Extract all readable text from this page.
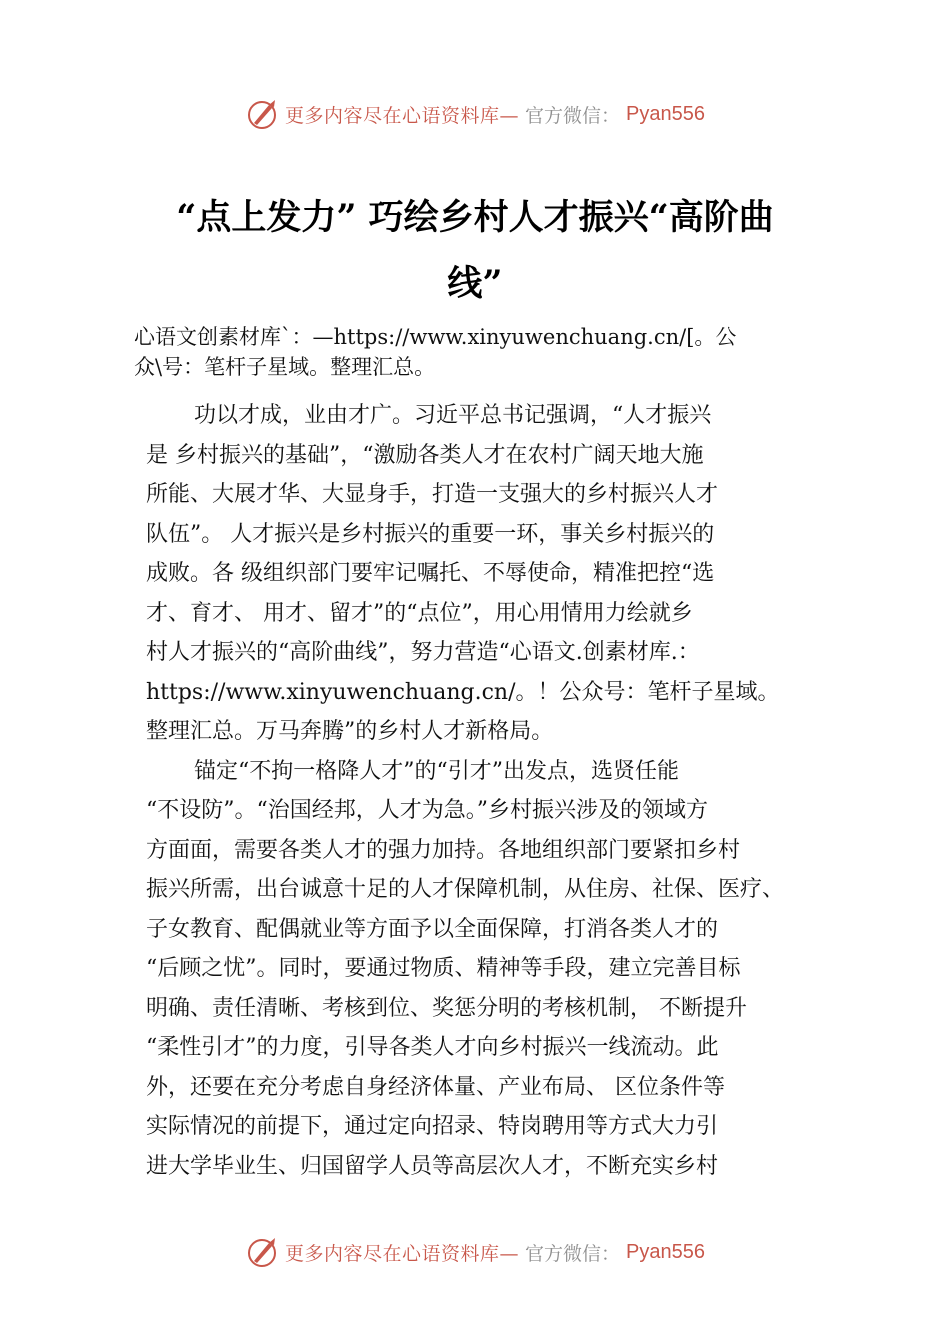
更多内容尽在心语资料库— 官方微信： Pyan556
“点上发力” 巧绘乡村人才振兴“高阶曲
线”

心语文创素材库`：—https://www.xinyuwenchuang.cn/[。公
众\号：笔杆子星域。整理汇总。

功以才成，业由才广。习近平总书记强调，“人才振兴
是 乡村振兴的基础”，“激励各类人才在农村广阔天地大施
所能、大展才华、大显身手，打造一支强大的乡村振兴人才
队伍”。 人才振兴是乡村振兴的重要一环，事关乡村振兴的
成败。各 级组织部门要牢记嘱托、不辱使命，精准把控“选
才、育才、 用才、留才”的“点位”，用心用情用力绘就乡
村人才振兴的“高阶曲线”，努力营造“心语文.创素材库.：
https://www.xinyuwenchuang.cn/。！公众号：笔杆子星域。
整理汇总。万马奔腾”的乡村人才新格局。
锚定“不拘一格降人才”的“引才”出发点，选贤任能
“不设防”。“治国经邦，人才为急。”乡村振兴涉及的领域方
方面面，需要各类人才的强力加持。各地组织部门要紧扣乡村
振兴所需，出台诚意十足的人才保障机制，从住房、社保、医疗、
子女教育、配偶就业等方面予以全面保障，打消各类人才的
“后顾之忧”。同时，要通过物质、精神等手段，建立完善目标
明确、责任清晰、考核到位、奖惩分明的考核机制， 不断提升
“柔性引才”的力度，引导各类人才向乡村振兴一线流动。此
外，还要在充分考虑自身经济体量、产业布局、 区位条件等
实际情况的前提下，通过定向招录、特岗聘用等方式大力引
进大学毕业生、归国留学人员等高层次人才，不断充实乡村
更多内容尽在心语资料库— 官方微信： Pyan556
